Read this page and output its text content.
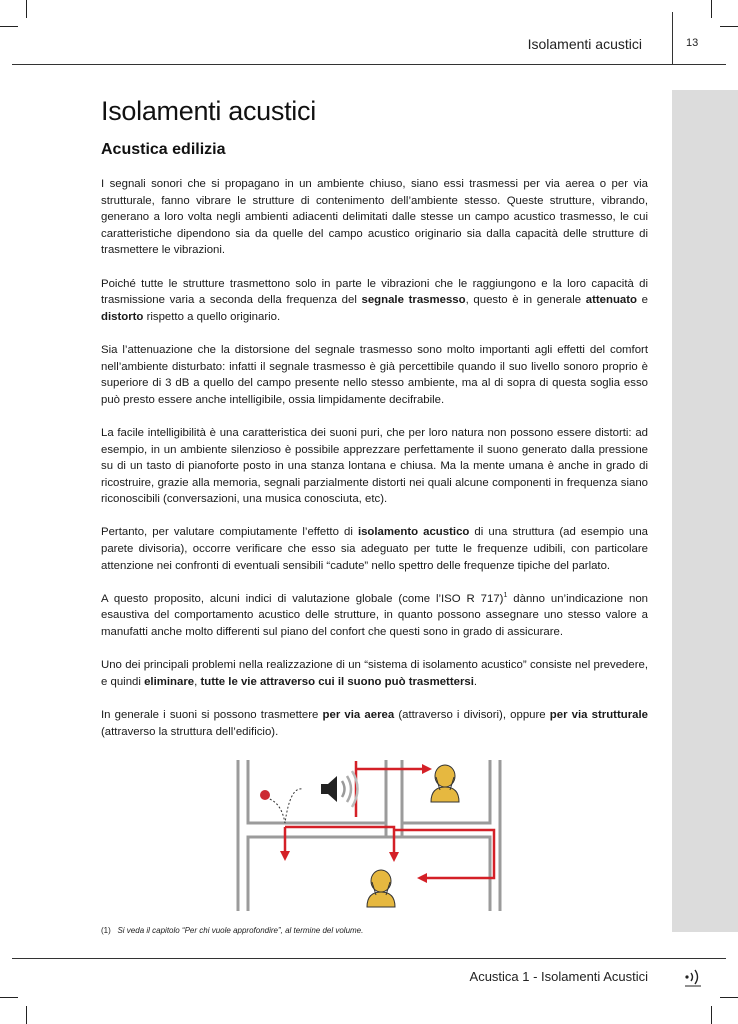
Isolamenti acustici	13
Isolamenti acustici
Acustica edilizia

I segnali sonori che si propagano in un ambiente chiuso, siano essi trasmessi per via aerea o per via strutturale, fanno vibrare le strutture di contenimento dell’ambiente stesso. Queste strutture, vibrando, generano a loro volta negli ambienti adiacenti delimitati dalle stesse un campo acustico trasmesso, le cui caratteristiche dipendono sia da quelle del campo acustico originario sia dalla capacità delle strutture di trasmettere le vibrazioni.

Poiché tutte le strutture trasmettono solo in parte le vibrazioni che le raggiungono e la loro capacità di trasmissione varia a seconda della frequenza del segnale trasmesso, questo è in generale attenuato e distorto rispetto a quello originario.

Sia l’attenuazione che la distorsione del segnale trasmesso sono molto importanti agli effetti del comfort nell’ambiente disturbato: infatti il segnale trasmesso è già percettibile quando il suo livello sonoro proprio è superiore di 3 dB a quello del campo presente nello stesso ambiente, ma al di sopra di questa soglia esso può presto essere anche intelligibile, ossia limpidamente decifrabile.

La facile intelligibilità è una caratteristica dei suoni puri, che per loro natura non possono essere distorti: ad esempio, in un ambiente silenzioso è possibile apprezzare perfettamente il suono generato dalla pressione su di un tasto di pianoforte posto in una stanza lontana e chiusa. Ma la mente umana è anche in grado di ricostruire, grazie alla memoria, segnali parzialmente distorti nei quali alcune componenti in frequenza siano riconoscibili (conversazioni, una musica conosciuta, etc).

Pertanto, per valutare compiutamente l’effetto di isolamento acustico di una struttura (ad esempio una parete divisoria), occorre verificare che esso sia adeguato per tutte le frequenze udibili, con particolare attenzione nei confronti di eventuali sensibili “cadute” nello spettro delle frequenze tipiche del parlato.

A questo proposito, alcuni indici di valutazione globale (come l’ISO R 717)$^1$ dànno un’indicazione non esaustiva del comportamento acustico delle strutture, in quanto possono assegnare uno stesso valore a manufatti anche molto differenti sul piano del confort che questi sono in grado di assicurare.

Uno dei principali problemi nella realizzazione di un “sistema di isolamento acustico” consiste nel prevedere, e quindi eliminare, tutte le vie attraverso cui il suono può trasmettersi.

In generale i suoni si possono trasmettere per via aerea (attraverso i divisori), oppure per via strutturale (attraverso la struttura dell’edificio).

(1) Si veda il capitolo “Per chi vuole approfondire”, al termine del volume.
Acustica 1 - Isolamenti Acustici
